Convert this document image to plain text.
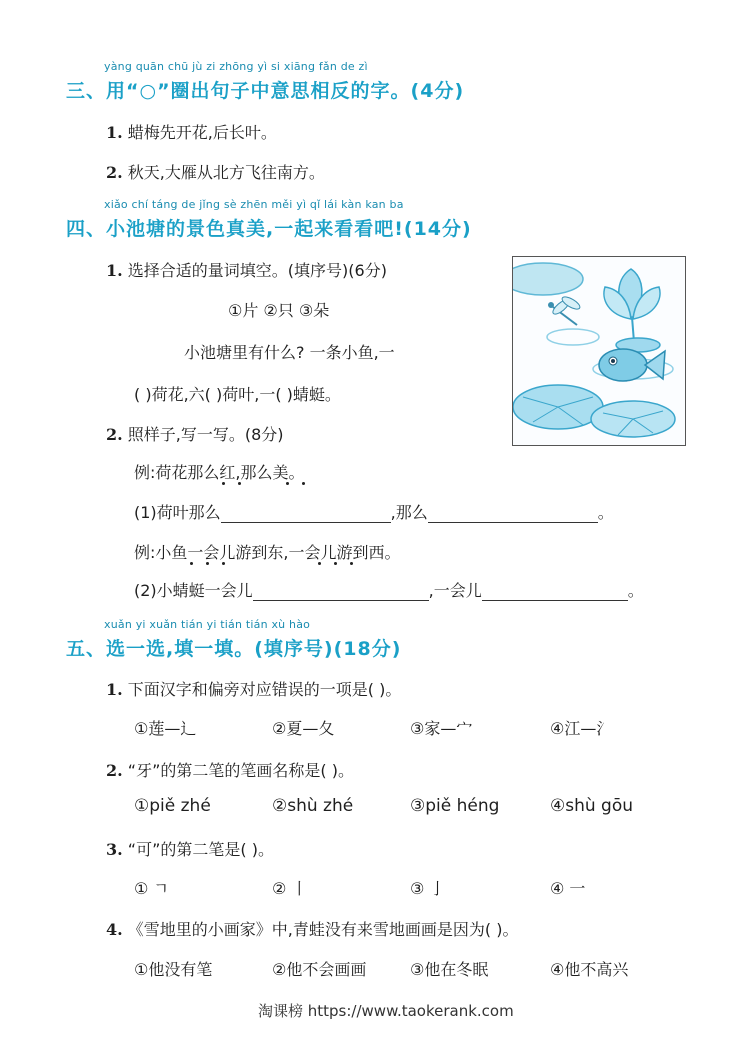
yàng quān chū jù zi zhōng yì si xiāng fǎn de zì
三、用“○”圈出句子中意思相反的字。(4分)
1. 蜡梅先开花,后长叶。
2. 秋天,大雁从北方飞往南方。
xiǎo chí táng de jǐng sè zhēn měi yì qǐ lái kàn kan ba
四、小池塘的景色真美,一起来看看吧!(14分)
1. 选择合适的量词填空。(填序号)(6分)
①片 ②只 ③朵
小池塘里有什么? 一条小鱼,一
( )荷花,六( )荷叶,一( )蜻蜓。
2. 照样子,写一写。(8分)
例:荷花那么红,那么美。
(1)荷叶那么	,那么	。
例:小鱼一会儿游到东,一会儿游到西。
(2)小蜻蜓一会儿	,一会儿	。
xuǎn yi xuǎn tián yi tián tián xù hào
五、选一选,填一填。(填序号)(18分)
1. 下面汉字和偏旁对应错误的一项是( )。
①莲—辶	②夏—夂	③家—宀	④江—氵
2. “牙”的第二笔的笔画名称是( )。
①piě zhé	②shù zhé	③piě héng	④shù gōu
3. “可”的第二笔是( )。
① ㄱ	② 丨	③ 亅	④ 一
4. 《雪地里的小画家》中,青蛙没有来雪地画画是因为( )。
①他没有笔	②他不会画画	③他在冬眠	④他不高兴
淘课榜 https://www.taokerank.com
